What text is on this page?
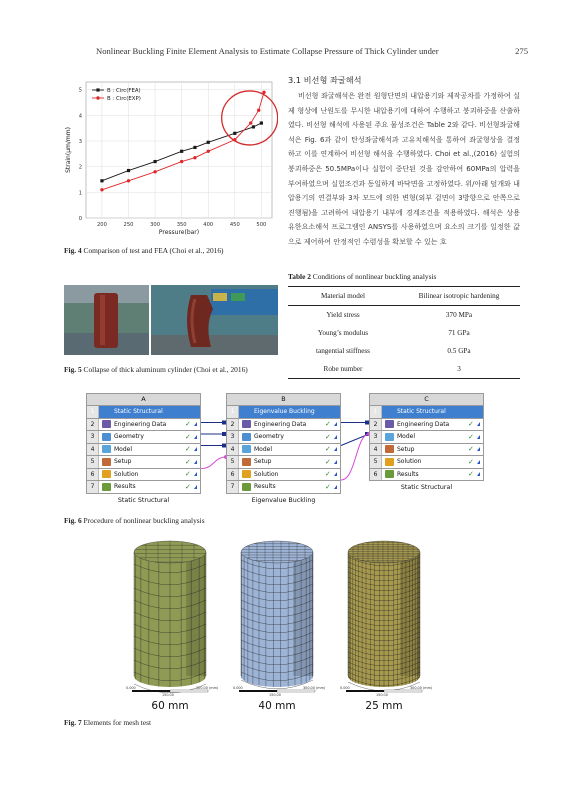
Nonlinear Buckling Finite Element Analysis to Estimate Collapse Pressure of Thick Cylinder under	275
200	250	300	350	400	450	500
0
1
2
3
4
5
Pressure(bar)
Strain(μm/mm)
B : Circ(FEA)
B : Circ(EXP)
Fig. 4 Comparison of test and FEA (Choi et al., 2016)
Fig. 5 Collapse of thick aluminum cylinder (Choi et al., 2016)
3.1 비선형 좌굴해석

비선형 좌굴해석은 완전 원형단면의 내압용기와 제작공차를 가정하여 실제 형상에 난원도를 무시한 내압용기에 대하여 수행하고 붕괴하중을 산출하였다. 비선형 해석에 사용된 주요 물성조건은 Table 2와 같다. 비선형좌굴해석은 Fig. 6과 같이 탄성좌굴해석과 고유치해석을 통하여 좌굴형상을 결정하고 이를 연계하여 비선형 해석을 수행하였다. Choi et al.,(2016) 실험의 붕괴하중은 50.5MPa이나 실험이 중단된 것을 감안하여 60MPa의 압력을 부여하였으며 실험조건과 동일하게 바닥면을 고정하였다. 위/아래 덮개와 내압용기의 연결부와 3차 모드에 의한 변형(외부 겉면이 3방향으로 안쪽으로 진행됨)을 고려하여 내압용기 내부에 경계조건을 적용하였다. 해석은 상용 유한요소해석 프로그램인 ANSYS를 사용하였으며 요소의 크기를 일정한 값으로 제어하여 안정적인 수렴성을 확보할 수 있는 호

Table 2 Conditions of nonlinear buckling analysis
Material model	Bilinear isotropic hardening
Yield stress	370 MPa
Young’s modulus	71 GPa
tangential stiffness	0.5 GPa
Robe number	3
A
1	Static Structural
2	Engineering Data	✓
3	Geometry	✓
4	Model	✓
5	Setup	✓
6	Solution	✓
7	Results	✓
Static Structural
B
1	Eigenvalue Buckling
2	Engineering Data	✓
3	Geometry	✓
4	Model	✓
5	Setup	✓
6	Solution	✓
7	Results	✓
Eigenvalue Buckling
C
1	Static Structural
2	Engineering Data	✓
3	Model	✓
4	Setup	✓
5	Solution	✓
6	Results	✓
Static Structural
Fig. 6 Procedure of nonlinear buckling analysis
0.000
150.00
300.00 (mm)
60 mm
0.000
150.00
300.00 (mm)
40 mm
0.000
150.00
300.00 (mm)
25 mm
Fig. 7 Elements for mesh test
